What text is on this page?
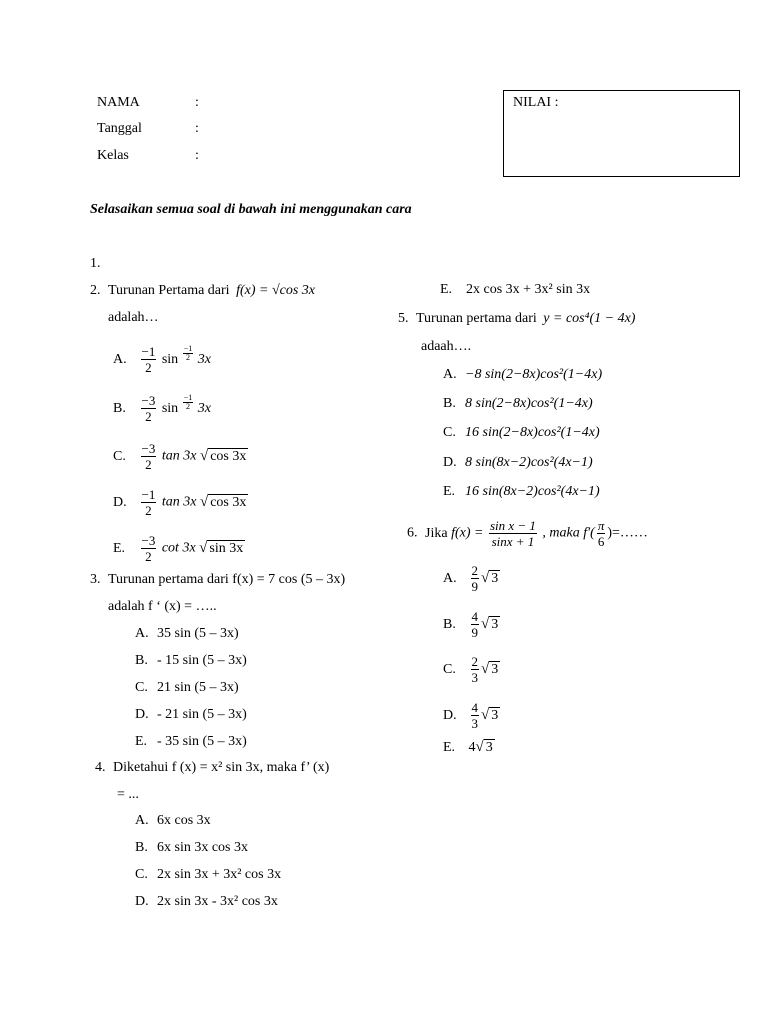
NAMA	:
Tanggal	:
Kelas	:
NILAI :
Selasaikan semua soal di bawah ini menggunakan cara
1.
2. Turunan Pertama dari f(x) = √cos 3x
adalah…
A. $\frac{-1}{2}$ $\sin \frac{-1}{2} 3x$
B. $\frac{-3}{2}$ $\sin \frac{-1}{2} 3x$
C. $\frac{-3}{2}$ tan 3x √ cos 3x
D. $\frac{-1}{2}$ tan 3x √ cos 3x
E. $\frac{-3}{2}$ cot 3x √ sin 3x
3. Turunan pertama dari f(x) = 7 cos (5 – 3x)
adalah f ‘ (x) = …..
A. 35 sin (5 – 3x)
B. - 15 sin (5 – 3x)
C. 21 sin (5 – 3x)
D. - 21 sin (5 – 3x)
E. - 35 sin (5 – 3x)
4. Diketahui f (x) = x² sin 3x, maka f’ (x)
= ...
A. 6x cos 3x
B. 6x sin 3x cos 3x
C. 2x sin 3x + 3x² cos 3x
D. 2x sin 3x - 3x² cos 3x
E. 2x cos 3x + 3x² sin 3x
5. Turunan pertama dari y = cos⁴(1 − 4x)
adaah….
A. −8 sin(2−8x)cos²(1−4x)
B. 8 sin(2−8x)cos²(1−4x)
C. 16 sin(2−8x)cos²(1−4x)
D. 8 sin(8x−2)cos²(4x−1)
E. 16 sin(8x−2)cos²(4x−1)
6. Jika $f(x) = \frac{\text{sin x − 1}}{\sin x + 1}$ , maka $f'( \frac{\pi}{6}$ )=……
A. $\frac{2}{9}$ √ 3
B. $\frac{4}{9}$ √ 3
C. $\frac{2}{3}$ √ 3
D. $\frac{4}{3}$ √ 3
E. 4√ 3
